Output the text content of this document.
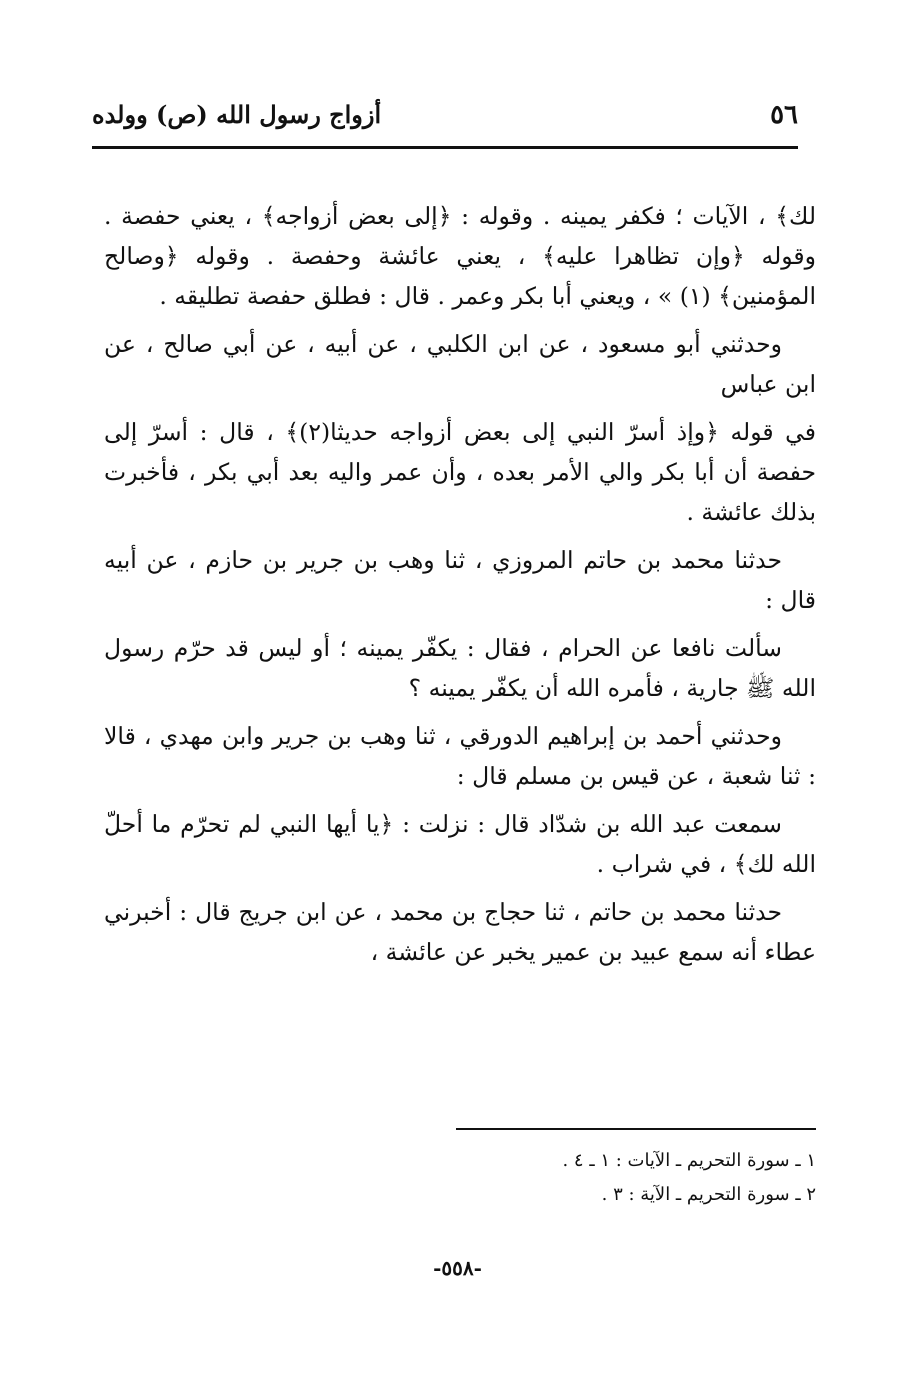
٥٦
أزواج رسول الله (ص) وولده

لك﴾ ، الآيات ؛ فكفر يمينه . وقوله : ﴿إلى بعض أزواجه﴾ ، يعني حفصة . وقوله ﴿وإن تظاهرا عليه﴾ ، يعني عائشة وحفصة . وقوله ﴿وصالح المؤمنين﴾ (١) » ، ويعني أبا بكر وعمر . قال : فطلق حفصة تطليقه .

وحدثني أبو مسعود ، عن ابن الكلبي ، عن أبيه ، عن أبي صالح ، عن ابن عباس

في قوله ﴿وإذ أسرّ النبي إلى بعض أزواجه حديثا(٢)﴾ ، قال : أسرّ إلى حفصة أن أبا بكر والي الأمر بعده ، وأن عمر واليه بعد أبي بكر ، فأخبرت بذلك عائشة .

حدثنا محمد بن حاتم المروزي ، ثنا وهب بن جرير بن حازم ، عن أبيه قال :

سألت نافعا عن الحرام ، فقال : يكفّر يمينه ؛ أو ليس قد حرّم رسول الله ﷺ جارية ، فأمره الله أن يكفّر يمينه ؟

وحدثني أحمد بن إبراهيم الدورقي ، ثنا وهب بن جرير وابن مهدي ، قالا : ثنا شعبة ، عن قيس بن مسلم قال :

سمعت عبد الله بن شدّاد قال : نزلت : ﴿يا أيها النبي لم تحرّم ما أحلّ الله لك﴾ ، في شراب .

حدثنا محمد بن حاتم ، ثنا حجاج بن محمد ، عن ابن جريج قال : أخبرني عطاء أنه سمع عبيد بن عمير يخبر عن عائشة ،

١ ـ سورة التحريم ـ الآيات : ١ ـ ٤ .
٢ ـ سورة التحريم ـ الآية : ٣ .
-٥٥٨-
